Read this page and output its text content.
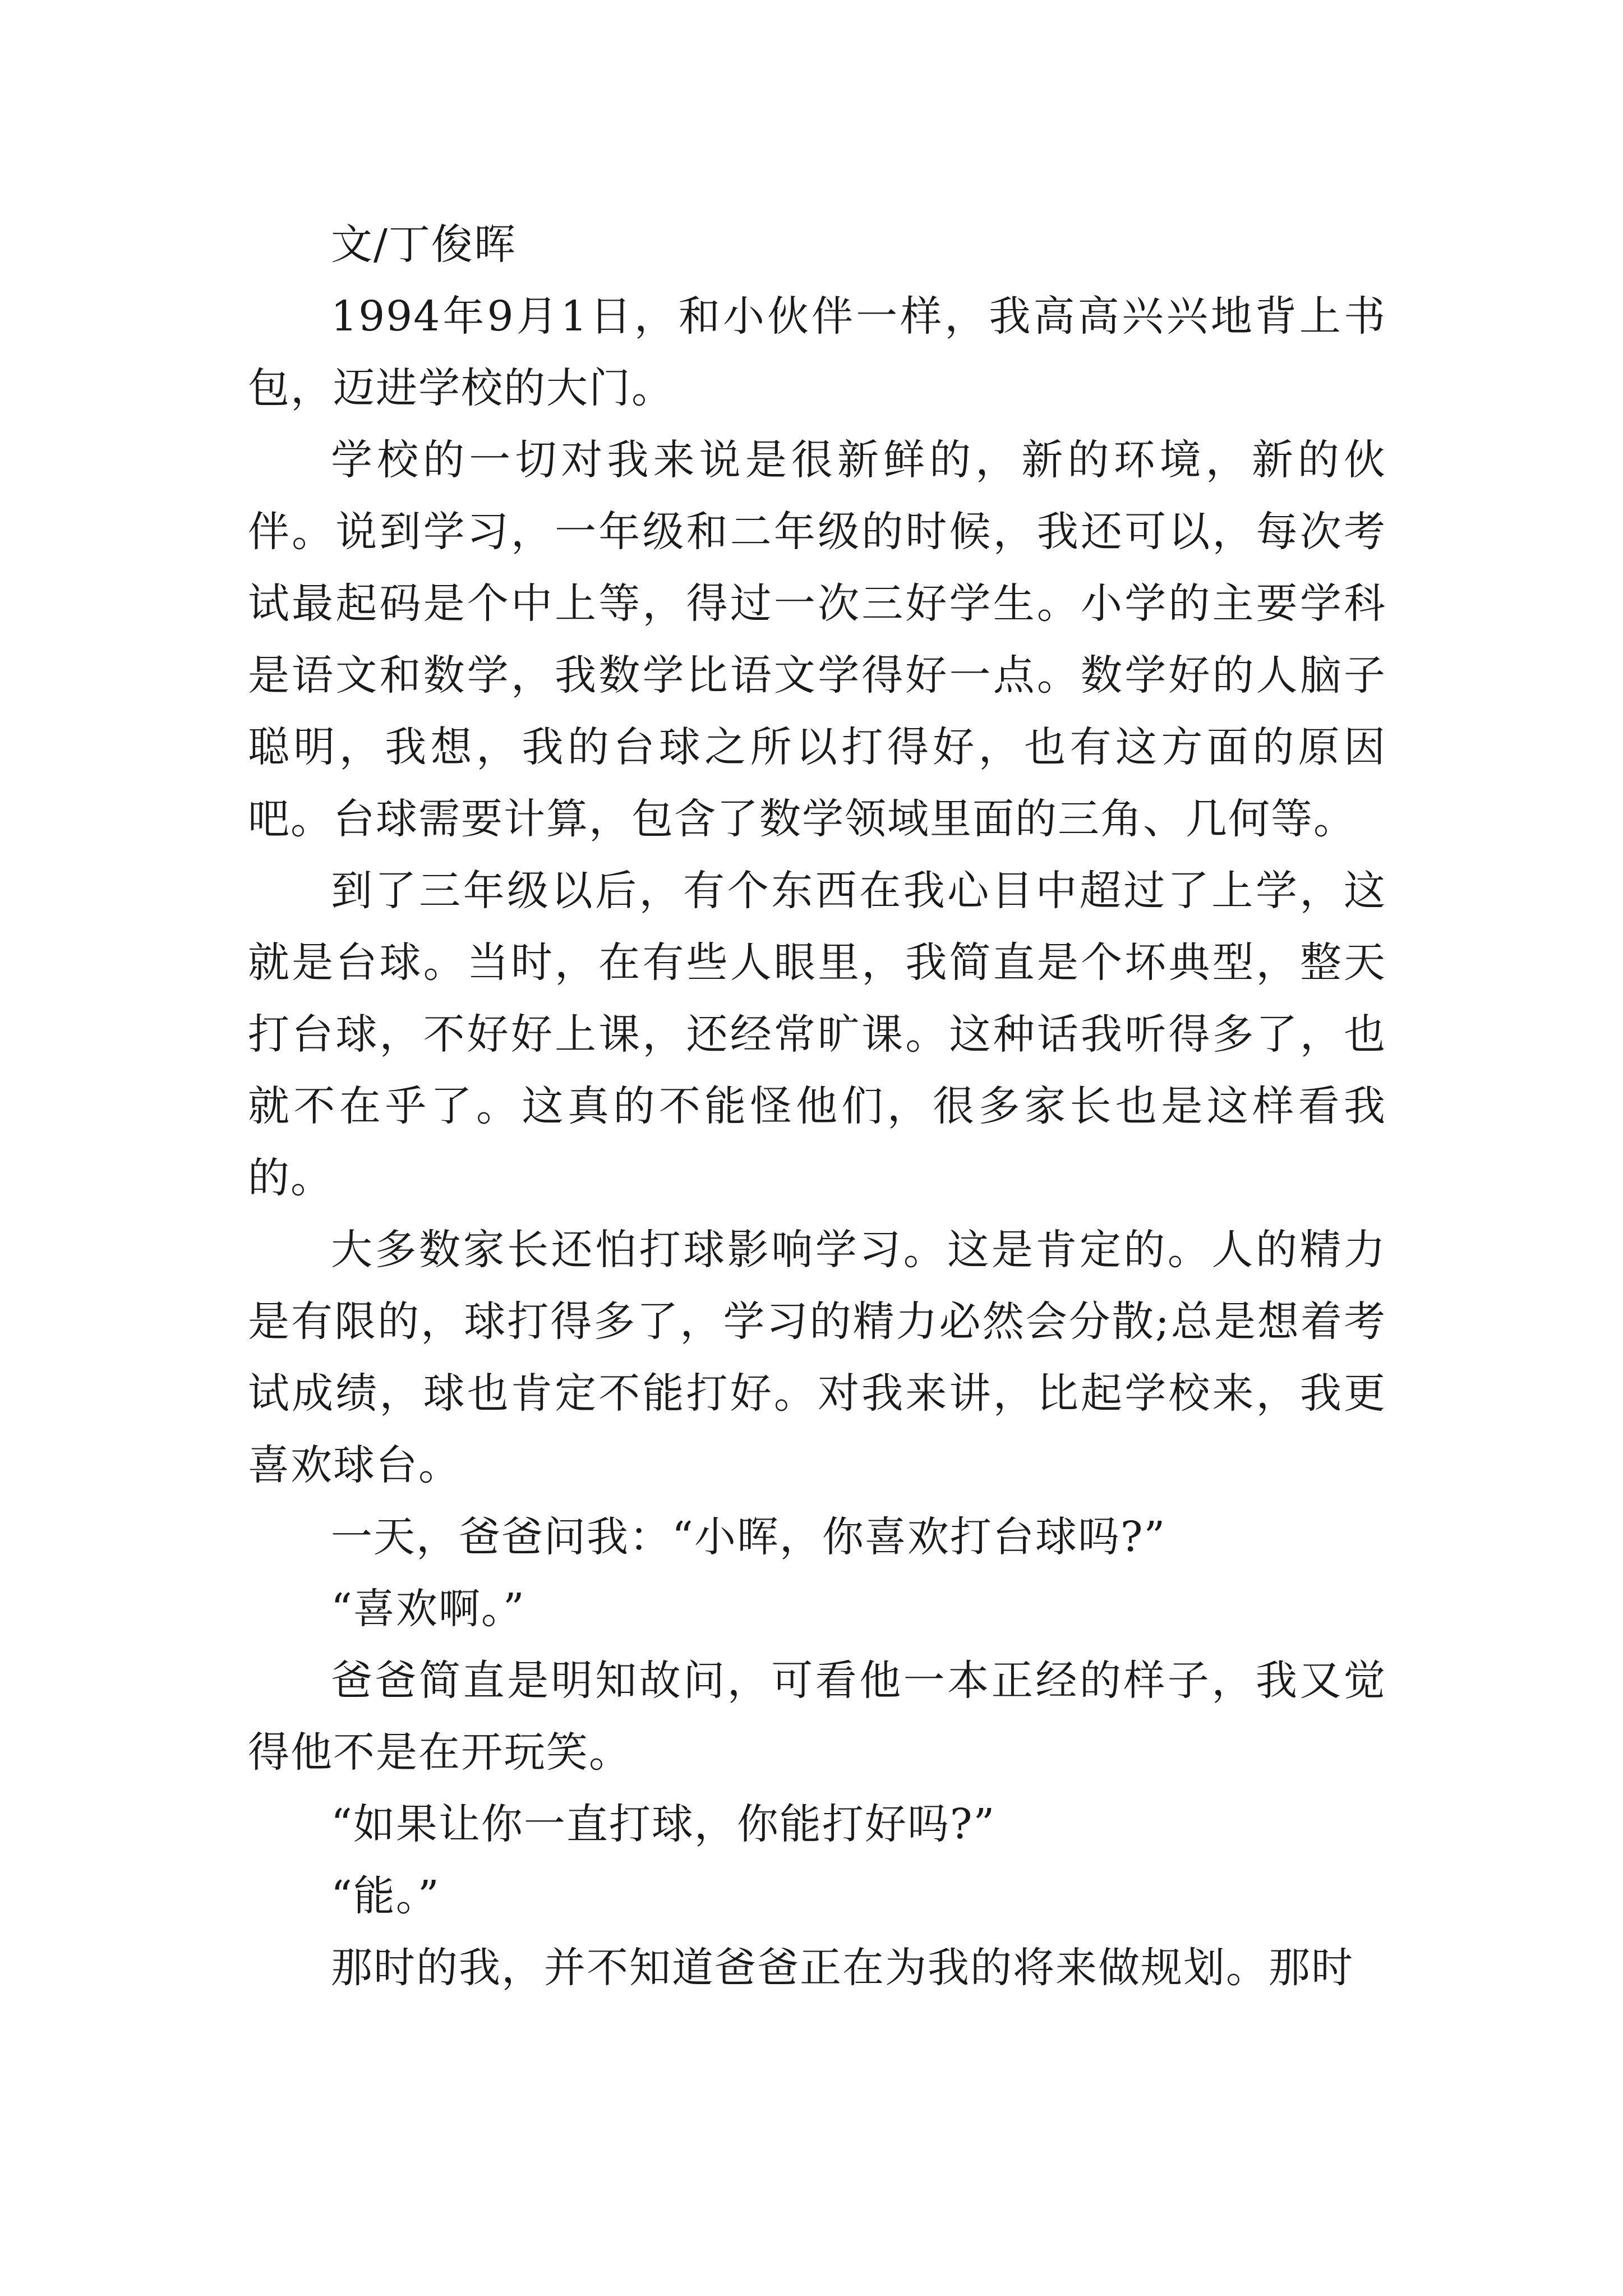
文/丁俊晖

1994年9月1日，和小伙伴一样，我高高兴兴地背上书包，迈进学校的大门。

学校的一切对我来说是很新鲜的，新的环境，新的伙伴。说到学习，一年级和二年级的时候，我还可以，每次考试最起码是个中上等，得过一次三好学生。小学的主要学科是语文和数学，我数学比语文学得好一点。数学好的人脑子聪明，我想，我的台球之所以打得好，也有这方面的原因吧。台球需要计算，包含了数学领域里面的三角、几何等。

到了三年级以后，有个东西在我心目中超过了上学，这就是台球。当时，在有些人眼里，我简直是个坏典型，整天打台球，不好好上课，还经常旷课。这种话我听得多了，也就不在乎了。这真的不能怪他们，很多家长也是这样看我的。

大多数家长还怕打球影响学习。这是肯定的。人的精力是有限的，球打得多了，学习的精力必然会分散;总是想着考试成绩，球也肯定不能打好。对我来讲，比起学校来，我更喜欢球台。

一天，爸爸问我：“小晖，你喜欢打台球吗?”

“喜欢啊。”

爸爸简直是明知故问，可看他一本正经的样子，我又觉得他不是在开玩笑。

“如果让你一直打球，你能打好吗?”

“能。”

那时的我，并不知道爸爸正在为我的将来做规划。那时
